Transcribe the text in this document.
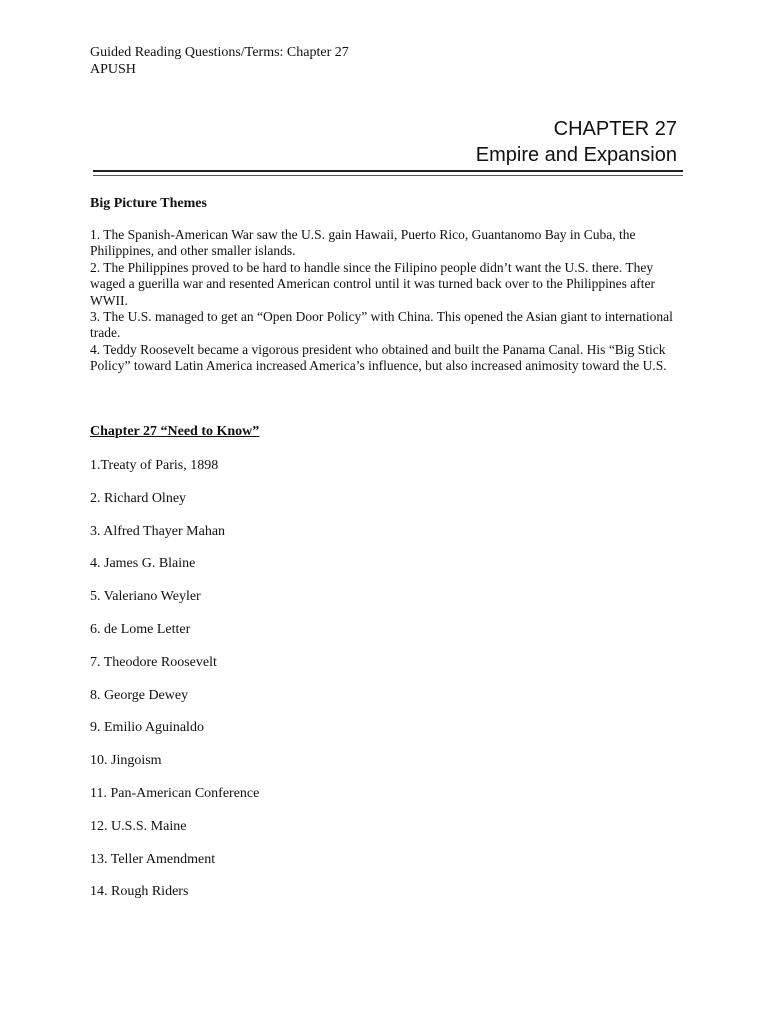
Guided Reading Questions/Terms: Chapter 27
APUSH
CHAPTER 27
Empire and Expansion
Big Picture Themes

1. The Spanish-American War saw the U.S. gain Hawaii, Puerto Rico, Guantanomo Bay in Cuba, the Philippines, and other smaller islands.

2. The Philippines proved to be hard to handle since the Filipino people didn’t want the U.S. there. They waged a guerilla war and resented American control until it was turned back over to the Philippines after WWII.

3. The U.S. managed to get an “Open Door Policy” with China. This opened the Asian giant to international trade.

4. Teddy Roosevelt became a vigorous president who obtained and built the Panama Canal. His “Big Stick Policy” toward Latin America increased America’s influence, but also increased animosity toward the U.S.

Chapter 27 “Need to Know”
1.Treaty of Paris, 1898
2. Richard Olney
3. Alfred Thayer Mahan
4. James G. Blaine
5. Valeriano Weyler
6. de Lome Letter
7. Theodore Roosevelt
8. George Dewey
9. Emilio Aguinaldo
10. Jingoism
11. Pan-American Conference
12. U.S.S. Maine
13. Teller Amendment
14. Rough Riders
